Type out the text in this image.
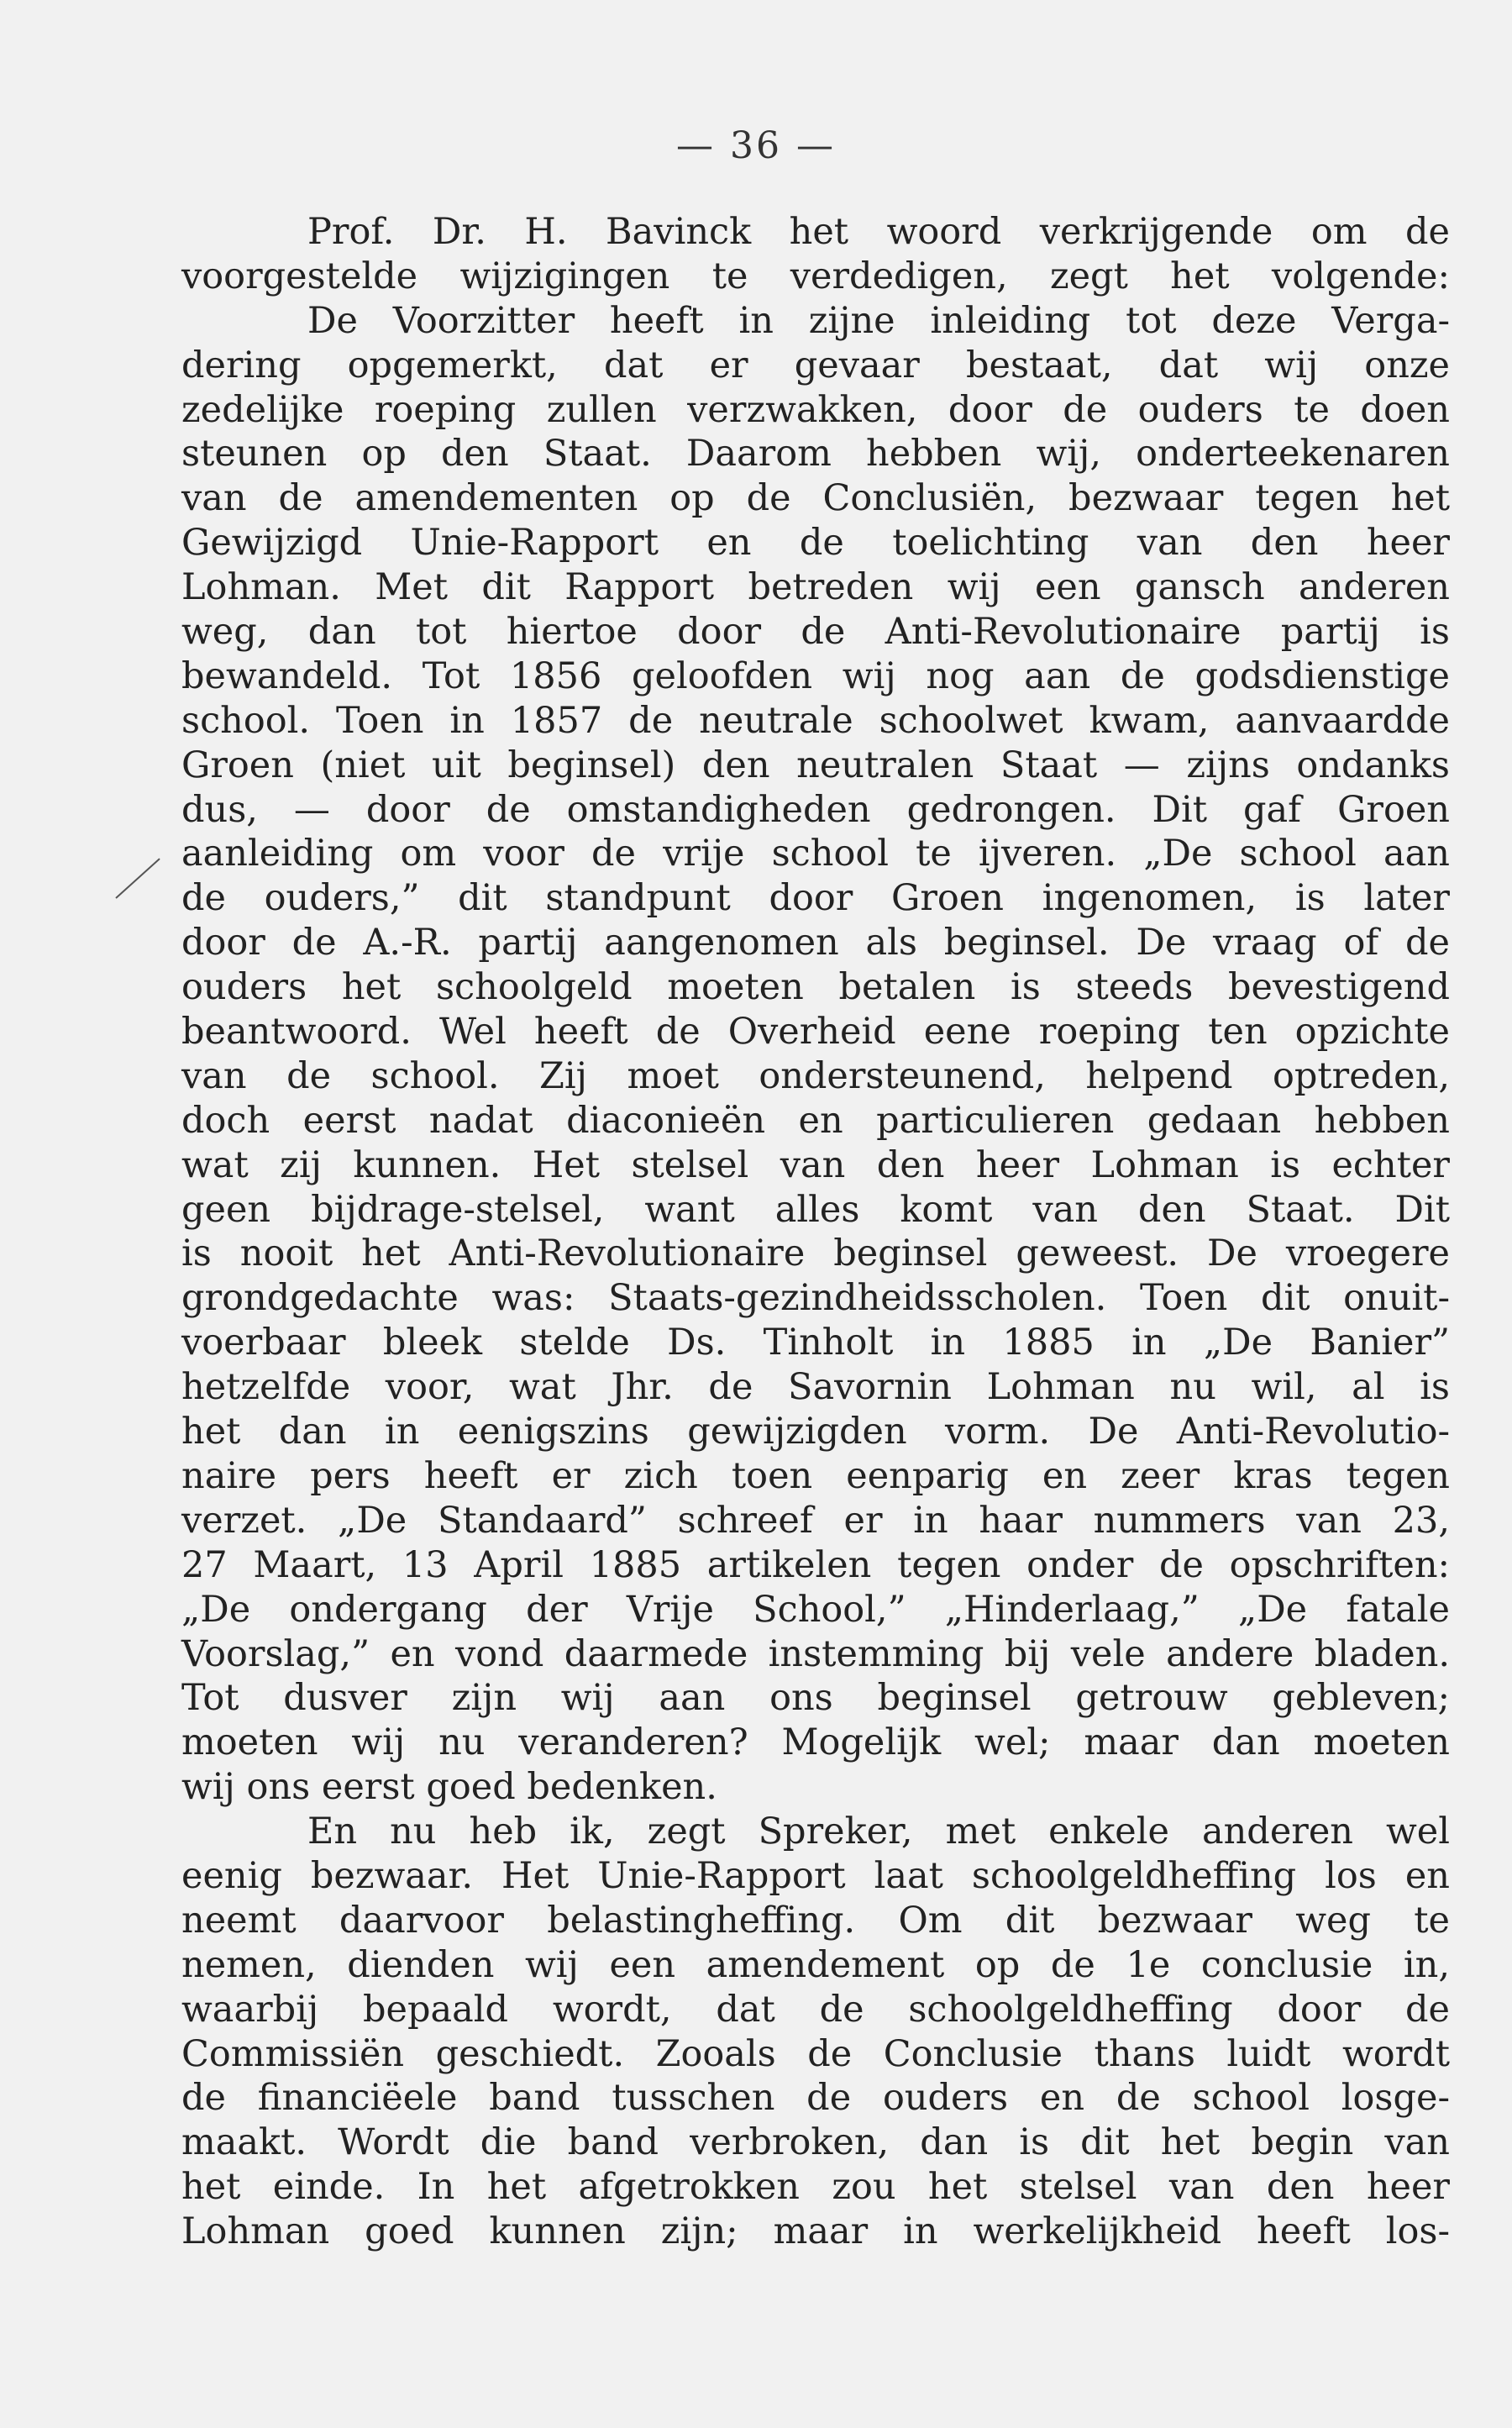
— 36 —
Prof. Dr. H. Bavinck het woord verkrijgende om de
voorgestelde wijzigingen te verdedigen, zegt het volgende:
De Voorzitter heeft in zijne inleiding tot deze Verga-
dering opgemerkt, dat er gevaar bestaat, dat wij onze
zedelijke roeping zullen verzwakken, door de ouders te doen
steunen op den Staat. Daarom hebben wij, onderteekenaren
van de amendementen op de Conclusiën, bezwaar tegen het
Gewijzigd Unie-Rapport en de toelichting van den heer
Lohman. Met dit Rapport betreden wij een gansch anderen
weg, dan tot hiertoe door de Anti-Revolutionaire partij is
bewandeld. Tot 1856 geloofden wij nog aan de godsdienstige
school. Toen in 1857 de neutrale schoolwet kwam, aanvaardde
Groen (niet uit beginsel) den neutralen Staat — zijns ondanks
dus, — door de omstandigheden gedrongen. Dit gaf Groen
aanleiding om voor de vrije school te ijveren. „De school aan
de ouders,” dit standpunt door Groen ingenomen, is later
door de A.-R. partij aangenomen als beginsel. De vraag of de
ouders het schoolgeld moeten betalen is steeds bevestigend
beantwoord. Wel heeft de Overheid eene roeping ten opzichte
van de school. Zij moet ondersteunend, helpend optreden,
doch eerst nadat diaconieën en particulieren gedaan hebben
wat zij kunnen. Het stelsel van den heer Lohman is echter
geen bijdrage-stelsel, want alles komt van den Staat. Dit
is nooit het Anti-Revolutionaire beginsel geweest. De vroegere
grondgedachte was: Staats-gezindheidsscholen. Toen dit onuit-
voerbaar bleek stelde Ds. Tinholt in 1885 in „De Banier”
hetzelfde voor, wat Jhr. de Savornin Lohman nu wil, al is
het dan in eenigszins gewijzigden vorm. De Anti-Revolutio-
naire pers heeft er zich toen eenparig en zeer kras tegen
verzet. „De Standaard” schreef er in haar nummers van 23,
27 Maart, 13 April 1885 artikelen tegen onder de opschriften:
„De ondergang der Vrije School,” „Hinderlaag,” „De fatale
Voorslag,” en vond daarmede instemming bij vele andere bladen.
Tot dusver zijn wij aan ons beginsel getrouw gebleven;
moeten wij nu veranderen? Mogelijk wel; maar dan moeten
wij ons eerst goed bedenken.
En nu heb ik, zegt Spreker, met enkele anderen wel
eenig bezwaar. Het Unie-Rapport laat schoolgeldheffing los en
neemt daarvoor belastingheffing. Om dit bezwaar weg te
nemen, dienden wij een amendement op de 1e conclusie in,
waarbij bepaald wordt, dat de schoolgeldheffing door de
Commissiën geschiedt. Zooals de Conclusie thans luidt wordt
de financiëele band tusschen de ouders en de school losge-
maakt. Wordt die band verbroken, dan is dit het begin van
het einde. In het afgetrokken zou het stelsel van den heer
Lohman goed kunnen zijn; maar in werkelijkheid heeft los-
